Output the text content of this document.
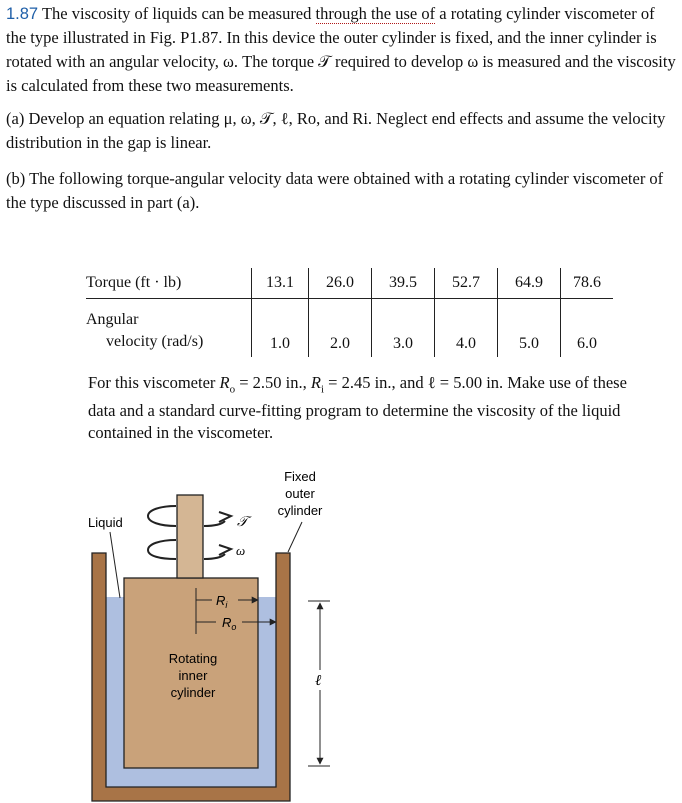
1.87 The viscosity of liquids can be measured through the use of a rotating cylinder viscometer of the type illustrated in Fig. P1.87. In this device the outer cylinder is fixed, and the inner cylinder is rotated with an angular velocity, ω. The torque 𝒯 required to develop ω is measured and the viscosity is calculated from these two measurements.

(a) Develop an equation relating μ, ω, 𝒯, ℓ, Ro, and Ri. Neglect end effects and assume the velocity distribution in the gap is linear.

(b) The following torque-angular velocity data were obtained with a rotating cylinder viscometer of the type discussed in part (a).

Torque (ft · lb)	13.1	26.0	39.5	52.7	64.9	78.6

Angular
velocity (rad/s)	1.0	2.0	3.0	4.0	5.0	6.0

For this viscometer $R_o = 2.50$ in., $R_i = 2.45$ in., and ℓ = 5.00 in. Make use of these data and a standard curve-fitting program to determine the viscosity of the liquid contained in the viscometer.

$R_i$
$R_o$
ℓ
Liquid
Fixed
outer
cylinder
𝒯
ω
Rotating
inner
cylinder
